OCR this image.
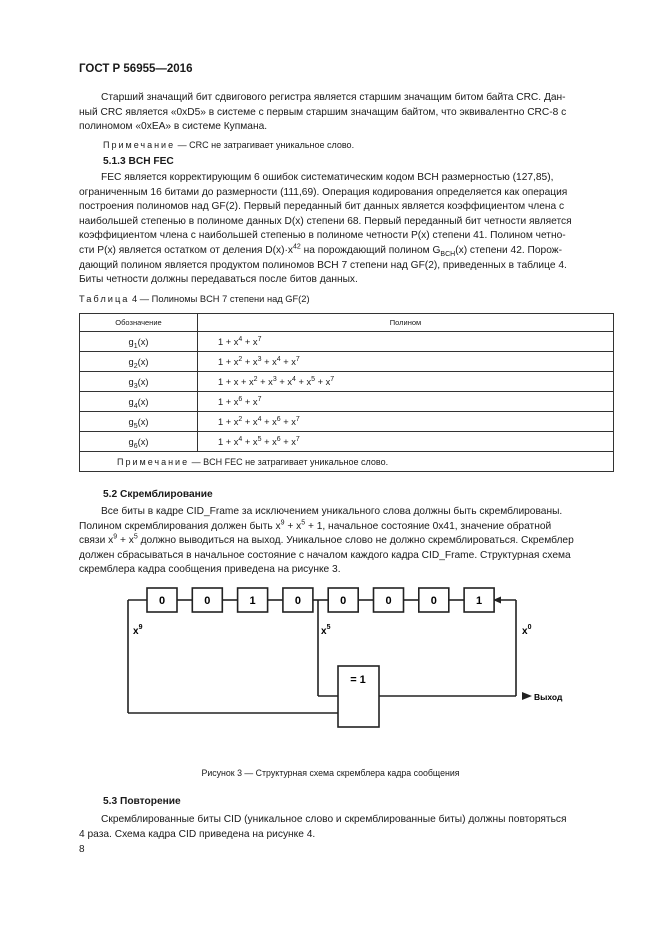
ГОСТ Р 56955—2016
Старший значащий бит сдвигового регистра является старшим значащим битом байта CRC. Дан-
ный CRC является «0xD5» в системе с первым старшим значащим байтом, что эквивалентно CRC-8 с
полиномом «0xEA» в системе Купмана.
Примечание — CRC не затрагивает уникальное слово.
5.1.3 BCH FEC
FEC является корректирующим 6 ошибок систематическим кодом BCH размерностью (127,85),
ограниченным 16 битами до размерности (111,69). Операция кодирования определяется как операция
построения полиномов над GF(2). Первый переданный бит данных является коэффициентом члена с
наибольшей степенью в полиноме данных D(x) степени 68. Первый переданный бит четности является
коэффициентом члена с наибольшей степенью в полиноме четности P(x) степени 41. Полином четно-
сти P(x) является остатком от деления $D(x)\cdot x^{42}$ на порождающий полином $G_{BCH}(x)$ степени 42. Порож-
дающий полином является продуктом полиномов BCH 7 степени над GF(2), приведенных в таблице 4.
Биты четности должны передаваться после битов данных.
Таблица 4 — Полиномы BCH 7 степени над GF(2)
Обозначение	Полином
$g_1(x)$	$1 + x^4 + x^7$
$g_2(x)$	$1 + x^2 + x^3 + x^4 + x^7$
$g_3(x)$	$1 + x + x^2 + x^3 + x^4 + x^5 + x^7$
$g_4(x)$	$1 + x^6 + x^7$
$g_5(x)$	$1 + x^2 + x^4 + x^6 + x^7$
$g_6(x)$	$1 + x^4 + x^5 + x^6 + x^7$
Примечание — BCH FEC не затрагивает уникальное слово.	
5.2 Скремблирование
Все биты в кадре CID_Frame за исключением уникального слова должны быть скремблированы.
Полином скремблирования должен быть $x^9 + x^5 + 1$, начальное состояние 0x41, значение обратной
связи $x^9 + x^5$ должно выводиться на выход. Уникальное слово не должно скремблироваться. Скремблер
должен сбрасываться в начальное состояние с началом каждого кадра CID_Frame. Структурная схема
скремблера кадра сообщения приведена на рисунке 3.
0	0	1	0	0	0	0	1
= 1
$x^9$	$x^5$	$x^0$
Выход
Рисунок 3 — Структурная схема скремблера кадра сообщения
5.3 Повторение
Скремблированные биты CID (уникальное слово и скремблированные биты) должны повторяться
4 раза. Схема кадра CID приведена на рисунке 4.
8
